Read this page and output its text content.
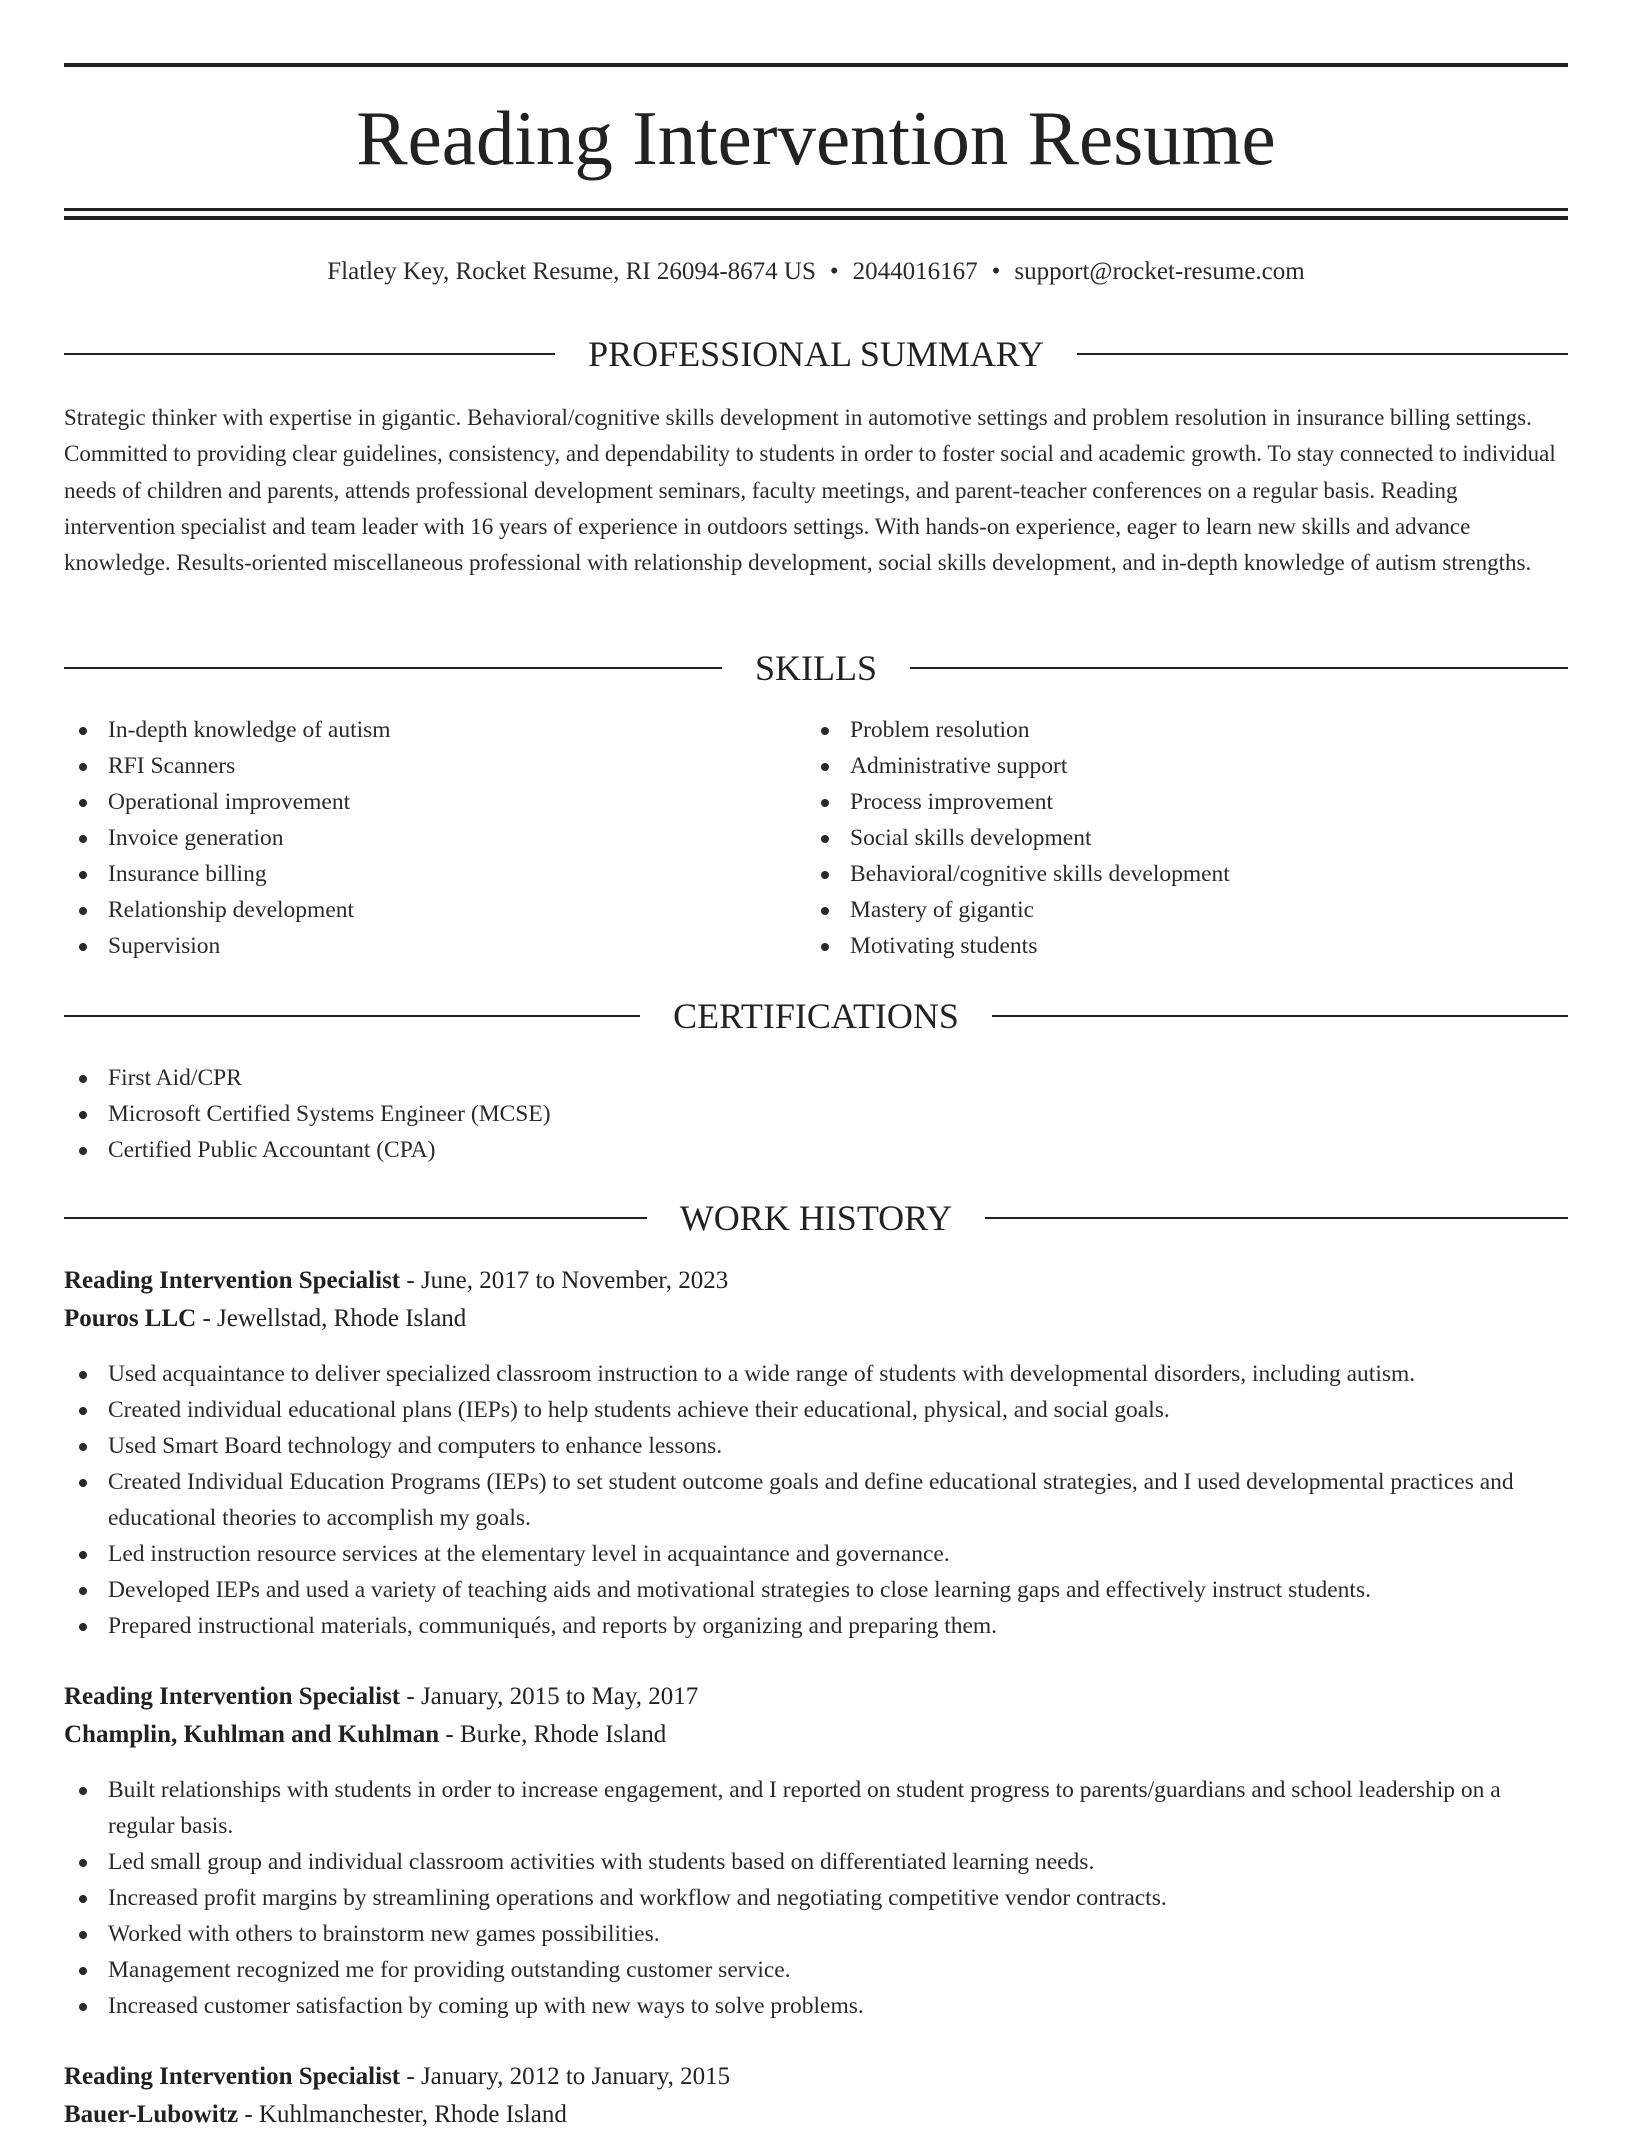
Reading Intervention Resume
Flatley Key, Rocket Resume, RI 26094-8674 US • 2044016167 • support@rocket-resume.com
PROFESSIONAL SUMMARY

Strategic thinker with expertise in gigantic. Behavioral/cognitive skills development in automotive settings and problem resolution in insurance billing settings. Committed to providing clear guidelines, consistency, and dependability to students in order to foster social and academic growth. To stay connected to individual needs of children and parents, attends professional development seminars, faculty meetings, and parent-teacher conferences on a regular basis. Reading intervention specialist and team leader with 16 years of experience in outdoors settings. With hands-on experience, eager to learn new skills and advance knowledge. Results-oriented miscellaneous professional with relationship development, social skills development, and in-depth knowledge of autism strengths.

SKILLS
In-depth knowledge of autism
RFI Scanners
Operational improvement
Invoice generation
Insurance billing
Relationship development
Supervision
Problem resolution
Administrative support
Process improvement
Social skills development
Behavioral/cognitive skills development
Mastery of gigantic
Motivating students
CERTIFICATIONS
First Aid/CPR
Microsoft Certified Systems Engineer (MCSE)
Certified Public Accountant (CPA)
WORK HISTORY
Reading Intervention Specialist - June, 2017 to November, 2023
Pouros LLC - Jewellstad, Rhode Island
Used acquaintance to deliver specialized classroom instruction to a wide range of students with developmental disorders, including autism.
Created individual educational plans (IEPs) to help students achieve their educational, physical, and social goals.
Used Smart Board technology and computers to enhance lessons.
Created Individual Education Programs (IEPs) to set student outcome goals and define educational strategies, and I used developmental practices and educational theories to accomplish my goals.
Led instruction resource services at the elementary level in acquaintance and governance.
Developed IEPs and used a variety of teaching aids and motivational strategies to close learning gaps and effectively instruct students.
Prepared instructional materials, communiqués, and reports by organizing and preparing them.
Reading Intervention Specialist - January, 2015 to May, 2017
Champlin, Kuhlman and Kuhlman - Burke, Rhode Island
Built relationships with students in order to increase engagement, and I reported on student progress to parents/guardians and school leadership on a regular basis.
Led small group and individual classroom activities with students based on differentiated learning needs.
Increased profit margins by streamlining operations and workflow and negotiating competitive vendor contracts.
Worked with others to brainstorm new games possibilities.
Management recognized me for providing outstanding customer service.
Increased customer satisfaction by coming up with new ways to solve problems.
Reading Intervention Specialist - January, 2012 to January, 2015
Bauer-Lubowitz - Kuhlmanchester, Rhode Island
